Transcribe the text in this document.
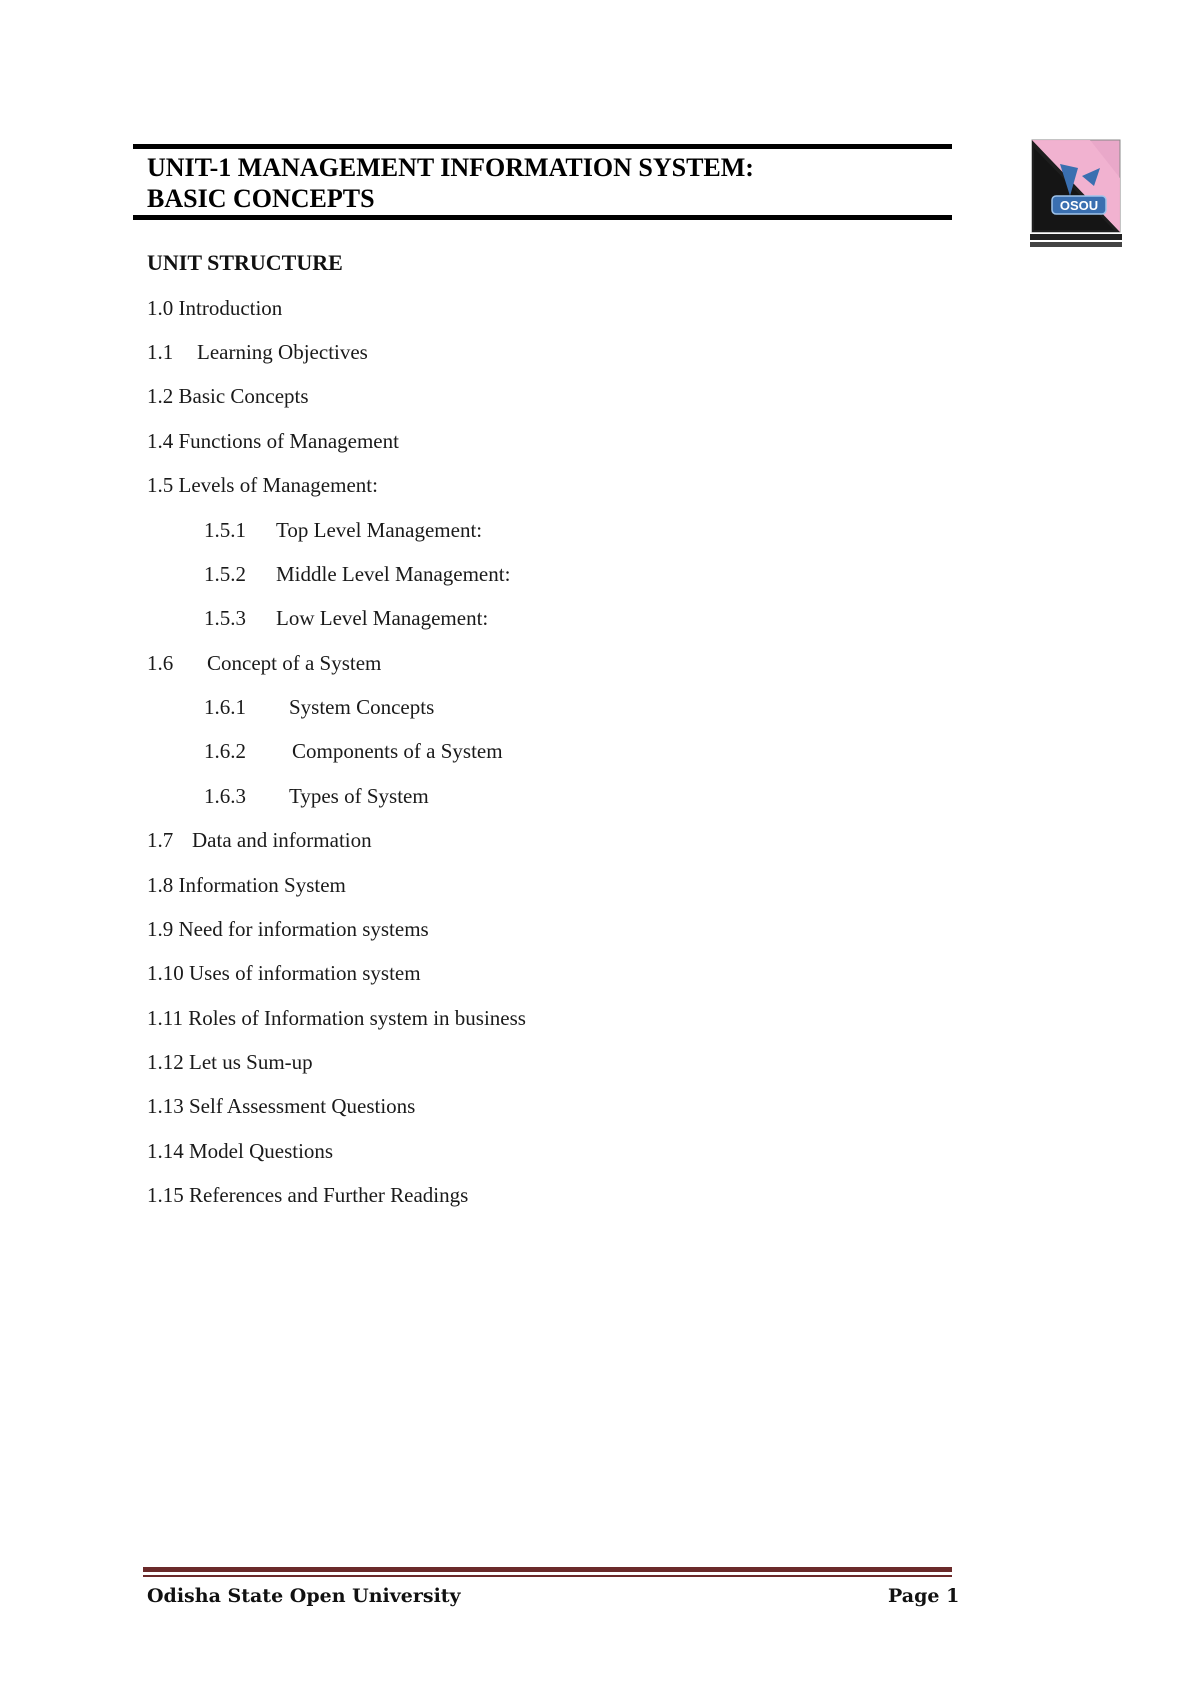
UNIT-1 MANAGEMENT INFORMATION SYSTEM:
BASIC CONCEPTS	OSOU
UNIT STRUCTURE
1.0 Introduction
1.1 Learning Objectives
1.2 Basic Concepts
1.4 Functions of Management
1.5 Levels of Management:
1.5.1 Top Level Management:
1.5.2 Middle Level Management:
1.5.3 Low Level Management:
1.6 Concept of a System
1.6.1 System Concepts
1.6.2 Components of a System
1.6.3 Types of System
1.7 Data and information
1.8 Information System
1.9 Need for information systems
1.10 Uses of information system
1.11 Roles of Information system in business
1.12 Let us Sum-up
1.13 Self Assessment Questions
1.14 Model Questions
1.15 References and Further Readings
Odisha State Open University	Page 1
